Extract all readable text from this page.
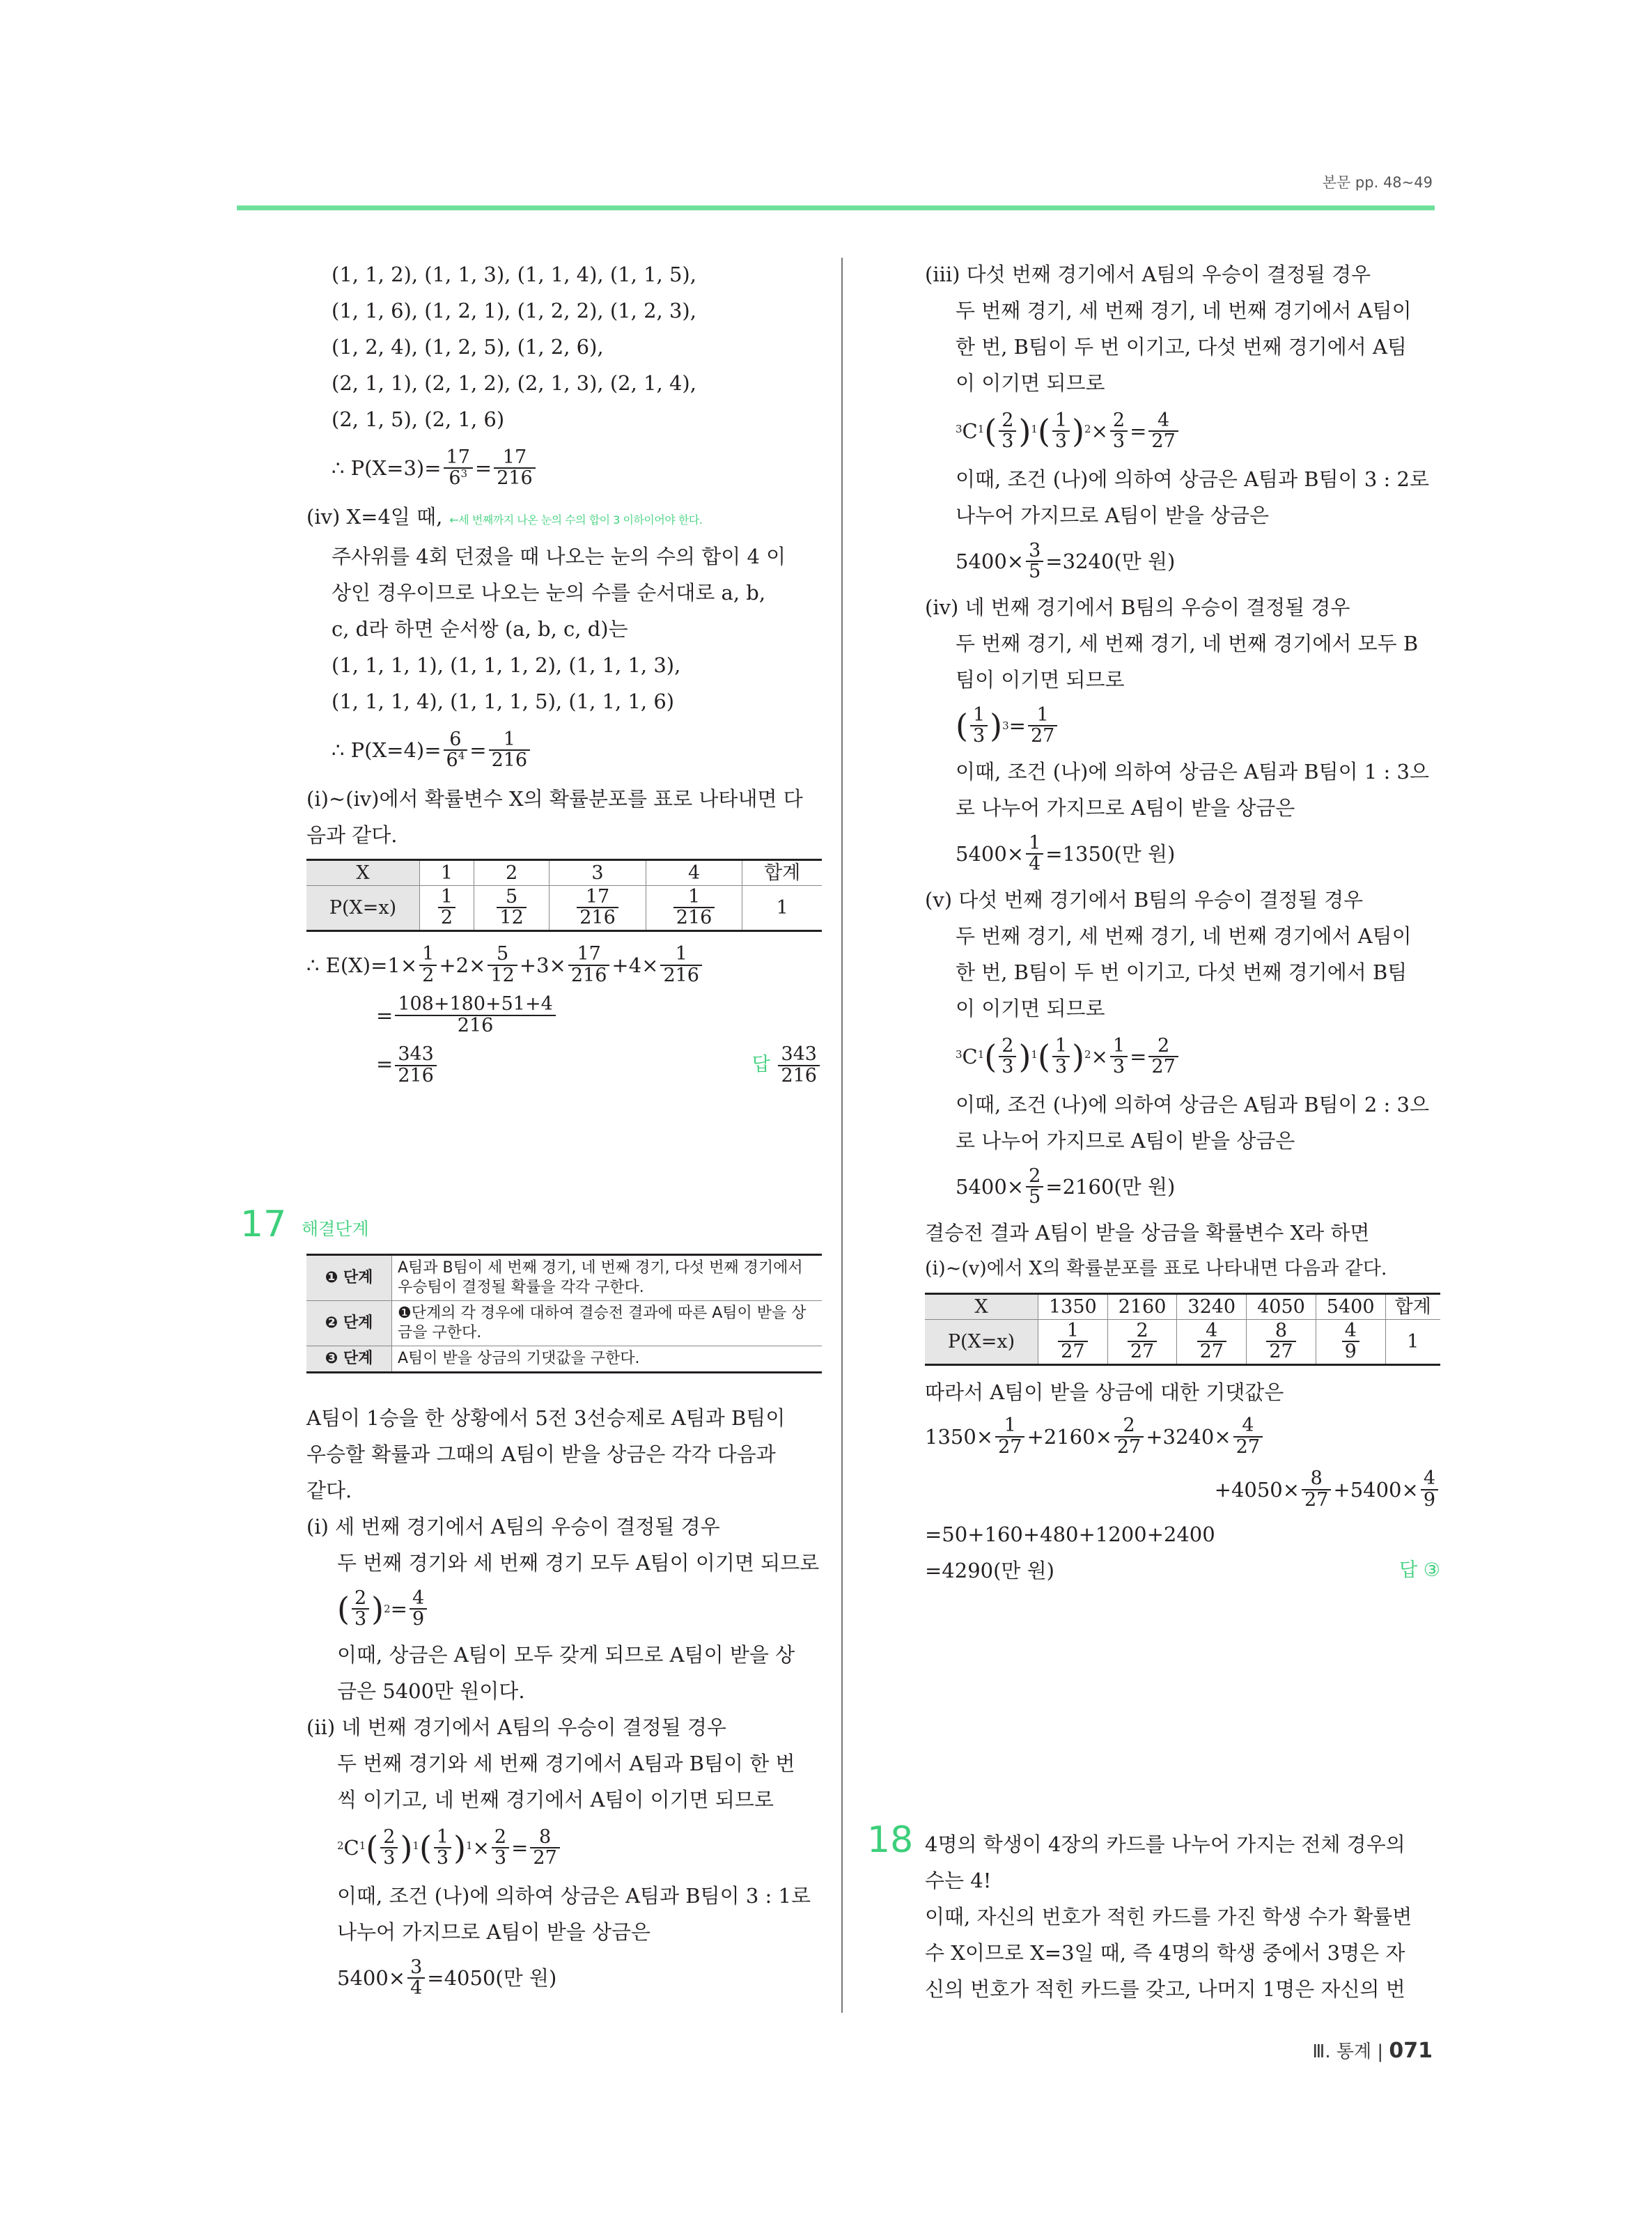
본문 pp. 48~49
(1, 1, 2), (1, 1, 3), (1, 1, 4), (1, 1, 5),
(1, 1, 6), (1, 2, 1), (1, 2, 2), (1, 2, 3),
(1, 2, 4), (1, 2, 5), (1, 2, 6),
(2, 1, 1), (2, 1, 2), (2, 1, 3), (2, 1, 4),
(2, 1, 5), (2, 1, 6)
∴ $P(X=3)= \frac{17}{6^3} = \frac{17}{216}$
(ⅳ) X=4일 때, ←세 번째까지 나온 눈의 수의 합이 3 이하이어야 한다.
주사위를 4회 던졌을 때 나오는 눈의 수의 합이 4 이
상인 경우이므로 나오는 눈의 수를 순서대로 a, b,
c, d라 하면 순서쌍 (a, b, c, d)는
(1, 1, 1, 1), (1, 1, 1, 2), (1, 1, 1, 3),
(1, 1, 1, 4), (1, 1, 1, 5), (1, 1, 1, 6)
∴ $P(X=4)= \frac{6}{6^4} = \frac{1}{216}$
(ⅰ)~(ⅳ)에서 확률변수 X의 확률분포를 표로 나타내면 다
음과 같다.
X	1	2	3	4	합계
P(X=x)	$\frac{1}{2}$	$\frac{5}{12}$	$\frac{17}{216}$	$\frac{1}{216}$	1
∴ $E(X)=1\times \frac{1}{2} +2\times \frac{5}{12} +3\times \frac{17}{216} +4\times \frac{1}{216}$
= $\frac{108+180+51+4}{216}$
= $\frac{343}{216}$	답 $\frac{343}{216}$
17 해결단계
❶ 단계	A팀과 B팀이 세 번째 경기, 네 번째 경기, 다섯 번째 경기에서 우승팀이 결정될 확률을 각각 구한다.
❷ 단계	❶단계의 각 경우에 대하여 결승전 결과에 따른 A팀이 받을 상금을 구한다.
❸ 단계	A팀이 받을 상금의 기댓값을 구한다.
A팀이 1승을 한 상황에서 5전 3선승제로 A팀과 B팀이
우승할 확률과 그때의 A팀이 받을 상금은 각각 다음과
같다.
(ⅰ) 세 번째 경기에서 A팀의 우승이 결정될 경우
두 번째 경기와 세 번째 경기 모두 A팀이 이기면 되므로
( $\frac{2}{3}$ ) $2 = \frac{4}{9}$
이때, 상금은 A팀이 모두 갖게 되므로 A팀이 받을 상
금은 5400만 원이다.
(ⅱ) 네 번째 경기에서 A팀의 우승이 결정될 경우
두 번째 경기와 세 번째 경기에서 A팀과 B팀이 한 번
씩 이기고, 네 번째 경기에서 A팀이 이기면 되므로
2 C 1 ( $\frac{2}{3}$ ) 1 ( $\frac{1}{3}$ ) $1 \times \frac{2}{3} = \frac{8}{27}$
이때, 조건 (나)에 의하여 상금은 A팀과 B팀이 3 : 1로
나누어 가지므로 A팀이 받을 상금은
$5400\times \frac{3}{4} =4050$(만 원)
(ⅲ) 다섯 번째 경기에서 A팀의 우승이 결정될 경우
두 번째 경기, 세 번째 경기, 네 번째 경기에서 A팀이
한 번, B팀이 두 번 이기고, 다섯 번째 경기에서 A팀
이 이기면 되므로
3 C 1 ( $\frac{2}{3}$ ) 1 ( $\frac{1}{3}$ ) $2 \times \frac{2}{3} = \frac{4}{27}$
이때, 조건 (나)에 의하여 상금은 A팀과 B팀이 3 : 2로
나누어 가지므로 A팀이 받을 상금은
$5400\times \frac{3}{5} =3240$(만 원)
(ⅳ) 네 번째 경기에서 B팀의 우승이 결정될 경우
두 번째 경기, 세 번째 경기, 네 번째 경기에서 모두 B
팀이 이기면 되므로
( $\frac{1}{3}$ ) $3 = \frac{1}{27}$
이때, 조건 (나)에 의하여 상금은 A팀과 B팀이 1 : 3으
로 나누어 가지므로 A팀이 받을 상금은
$5400\times \frac{1}{4} =1350$(만 원)
(ⅴ) 다섯 번째 경기에서 B팀의 우승이 결정될 경우
두 번째 경기, 세 번째 경기, 네 번째 경기에서 A팀이
한 번, B팀이 두 번 이기고, 다섯 번째 경기에서 B팀
이 이기면 되므로
3 C 1 ( $\frac{2}{3}$ ) 1 ( $\frac{1}{3}$ ) $2 \times \frac{1}{3} = \frac{2}{27}$
이때, 조건 (나)에 의하여 상금은 A팀과 B팀이 2 : 3으
로 나누어 가지므로 A팀이 받을 상금은
$5400\times \frac{2}{5} =2160$(만 원)
결승전 결과 A팀이 받을 상금을 확률변수 X라 하면
(ⅰ)~(ⅴ)에서 X의 확률분포를 표로 나타내면 다음과 같다.
X	1350	2160	3240	4050	5400	합계
P(X=x)	$\frac{1}{27}$	$\frac{2}{27}$	$\frac{4}{27}$	$\frac{8}{27}$	$\frac{4}{9}$	1
따라서 A팀이 받을 상금에 대한 기댓값은
$1350\times \frac{1}{27} +2160\times \frac{2}{27} +3240\times \frac{4}{27}$
$+4050\times \frac{8}{27} +5400\times \frac{4}{9}$
=50+160+480+1200+2400
=4290(만 원)	답 ③
18 4명의 학생이 4장의 카드를 나누어 가지는 전체 경우의
수는 4!
이때, 자신의 번호가 적힌 카드를 가진 학생 수가 확률변
수 X이므로 X=3일 때, 즉 4명의 학생 중에서 3명은 자
신의 번호가 적힌 카드를 갖고, 나머지 1명은 자신의 번
Ⅲ. 통계 | 071
